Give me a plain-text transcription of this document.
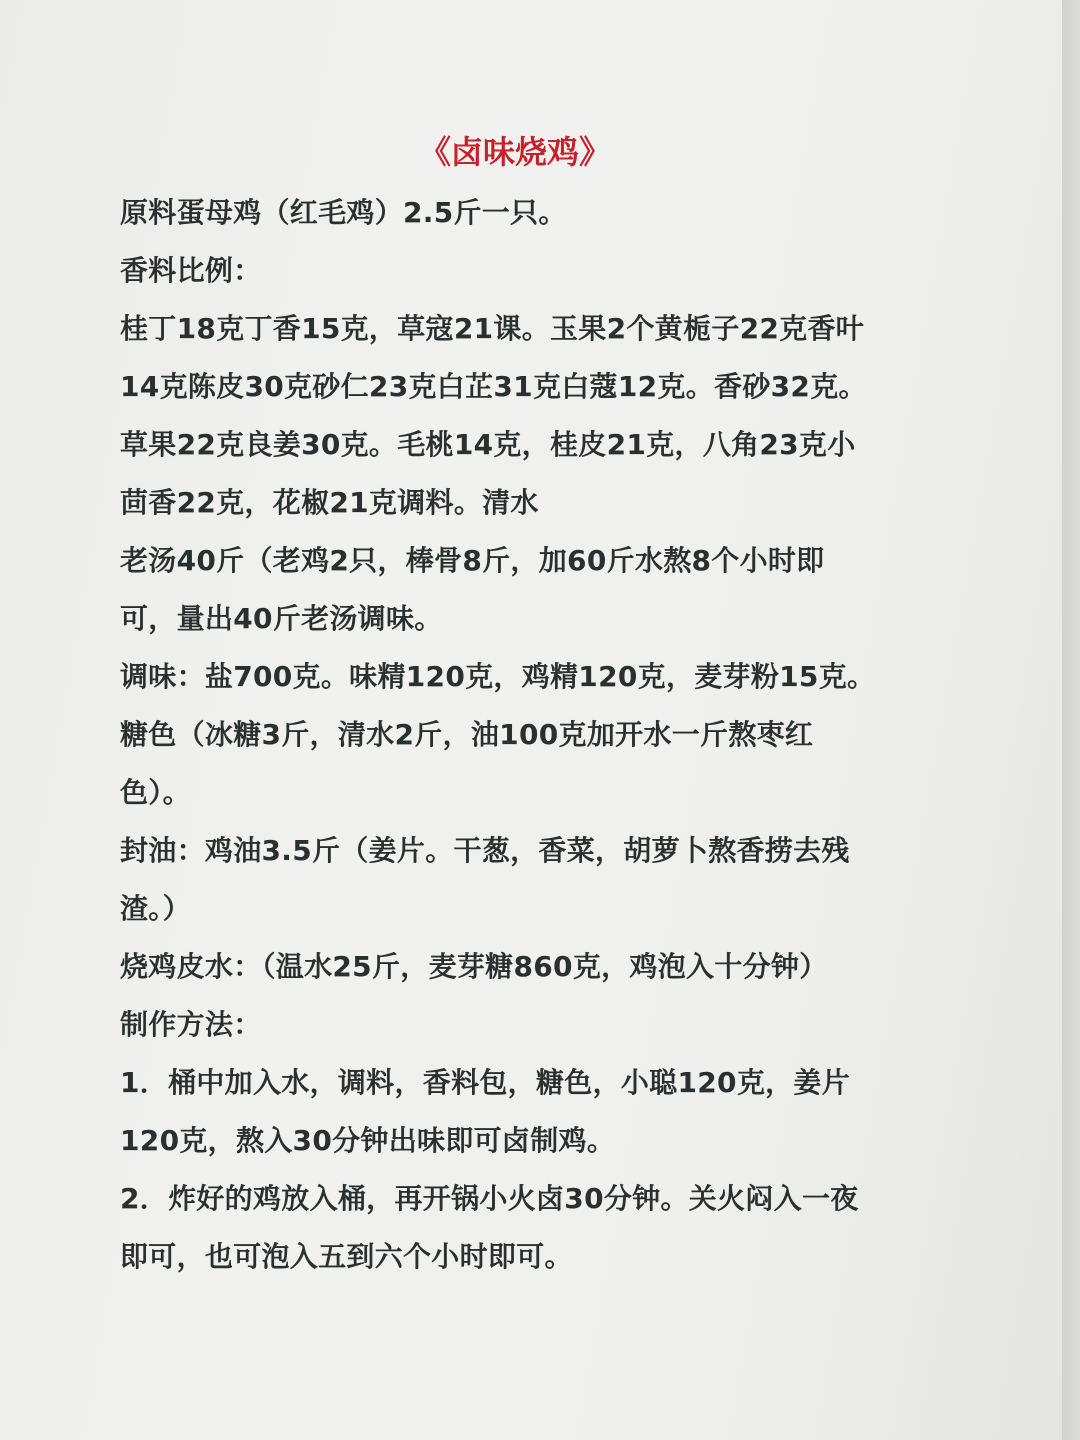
《卤味烧鸡》
原料蛋母鸡（红毛鸡）2.5斤一只。
香料比例：
桂丁18克丁香15克，草寇21课。玉果2个黄栀子22克香叶
14克陈皮30克砂仁23克白芷31克白蔻12克。香砂32克。
草果22克良姜30克。毛桃14克，桂皮21克，八角23克小
茴香22克，花椒21克调料。清水
老汤40斤（老鸡2只，棒骨8斤，加60斤水熬8个小时即
可，量出40斤老汤调味。
调味：盐700克。味精120克，鸡精120克，麦芽粉15克。
糖色（冰糖3斤，清水2斤，油100克加开水一斤熬枣红
色）。
封油：鸡油3.5斤（姜片。干葱，香菜，胡萝卜熬香捞去残
渣。）
烧鸡皮水：（温水25斤，麦芽糖860克，鸡泡入十分钟）
制作方法：
1．桶中加入水，调料，香料包，糖色，小聪120克，姜片
120克，熬入30分钟出味即可卤制鸡。
2．炸好的鸡放入桶，再开锅小火卤30分钟。关火闷入一夜
即可，也可泡入五到六个小时即可。
